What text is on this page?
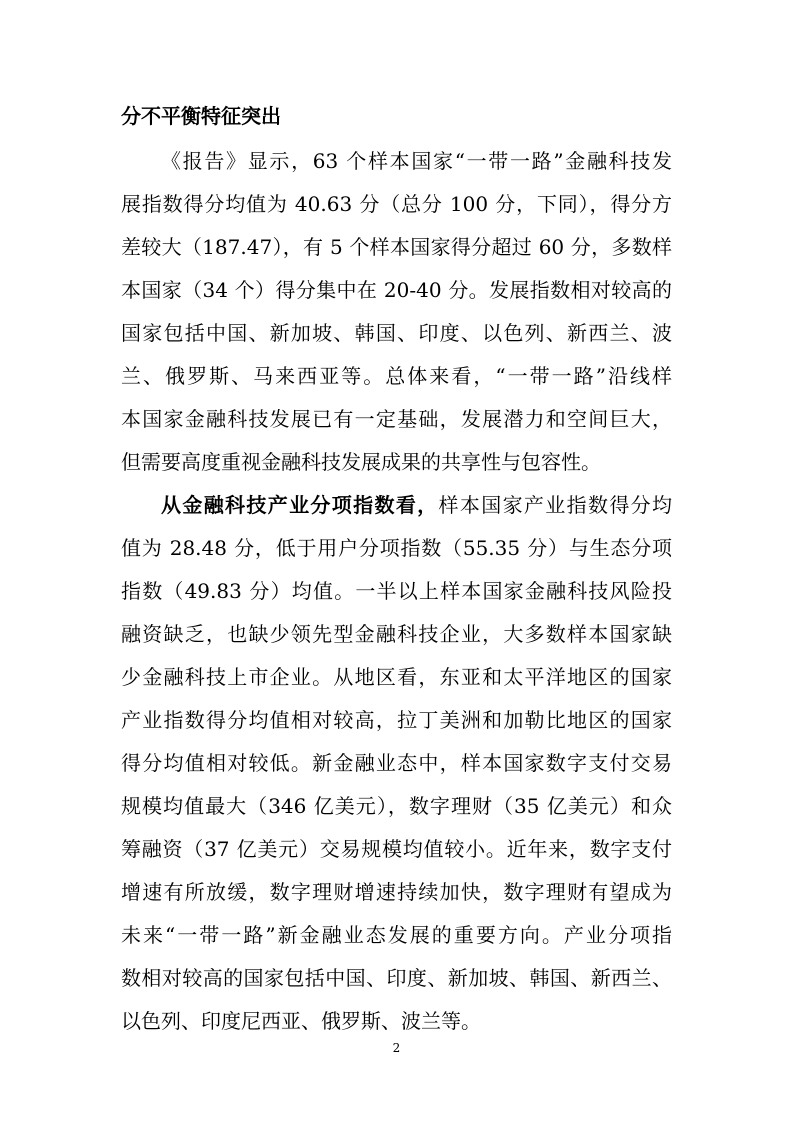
分不平衡特征突出

《报告》显示，63 个样本国家“一带一路”金融科技发

展指数得分均值为 40.63 分（总分 100 分，下同），得分方

差较大（187.47），有 5 个样本国家得分超过 60 分，多数样

本国家（34 个）得分集中在 20-40 分。发展指数相对较高的

国家包括中国、新加坡、韩国、印度、以色列、新西兰、波

兰、俄罗斯、马来西亚等。总体来看，“一带一路”沿线样

本国家金融科技发展已有一定基础，发展潜力和空间巨大，

但需要高度重视金融科技发展成果的共享性与包容性。

从金融科技产业分项指数看，样本国家产业指数得分均

值为 28.48 分，低于用户分项指数（55.35 分）与生态分项

指数（49.83 分）均值。一半以上样本国家金融科技风险投

融资缺乏，也缺少领先型金融科技企业，大多数样本国家缺

少金融科技上市企业。从地区看，东亚和太平洋地区的国家

产业指数得分均值相对较高，拉丁美洲和加勒比地区的国家

得分均值相对较低。新金融业态中，样本国家数字支付交易

规模均值最大（346 亿美元），数字理财（35 亿美元）和众

筹融资（37 亿美元）交易规模均值较小。近年来，数字支付

增速有所放缓，数字理财增速持续加快，数字理财有望成为

未来“一带一路”新金融业态发展的重要方向。产业分项指

数相对较高的国家包括中国、印度、新加坡、韩国、新西兰、

以色列、印度尼西亚、俄罗斯、波兰等。

2
